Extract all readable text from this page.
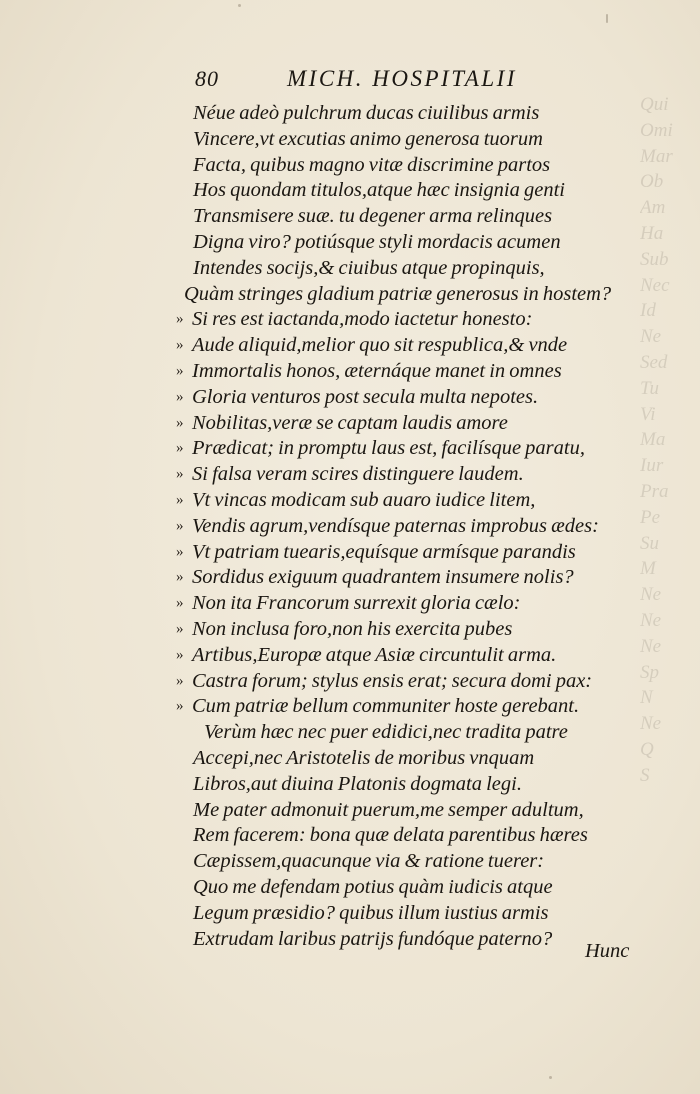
Qui
Omi
Mar
Ob
Am
Ha
Sub
Nec
Id
Ne
Sed
Tu
Vi
Ma
Iur
Pra
Pe
Su
M
Ne
Ne
Ne
Sp
N
Ne
Q
S
80	MICH. HOSPITALII
Néue adeò pulchrum ducas ciuilibus armis
Vincere,vt excutias animo generosa tuorum
Facta, quibus magno vitæ discrimine partos
Hos quondam titulos,atque hæc insignia genti
Transmisere suæ. tu degener arma relinques
Digna viro? potiúsque styli mordacis acumen
Intendes socijs,& ciuibus atque propinquis,
Quàm stringes gladium patriæ generosus in hostem?
» Si res est iactanda,modo iactetur honesto:
» Aude aliquid,melior quo sit respublica,& vnde
» Immortalis honos, æternáque manet in omnes
» Gloria venturos post secula multa nepotes.
» Nobilitas,veræ se captam laudis amore
» Prædicat; in promptu laus est, facilísque paratu,
» Si falsa veram scires distinguere laudem.
» Vt vincas modicam sub auaro iudice litem,
» Vendis agrum,vendísque paternas improbus ædes:
» Vt patriam tuearis,equísque armísque parandis
» Sordidus exiguum quadrantem insumere nolis?
» Non ita Francorum surrexit gloria cælo:
» Non inclusa foro,non his exercita pubes
» Artibus,Europæ atque Asiæ circuntulit arma.
» Castra forum; stylus ensis erat; secura domi pax:
» Cum patriæ bellum communiter hoste gerebant.
Verùm hæc nec puer edidici,nec tradita patre
Accepi,nec Aristotelis de moribus vnquam
Libros,aut diuina Platonis dogmata legi.
Me pater admonuit puerum,me semper adultum,
Rem facerem: bona quæ delata parentibus hæres
Cæpissem,quacunque via & ratione tuerer:
Quo me defendam potius quàm iudicis atque
Legum præsidio? quibus illum iustius armis
Extrudam laribus patrijs fundóque paterno?
Hunc
